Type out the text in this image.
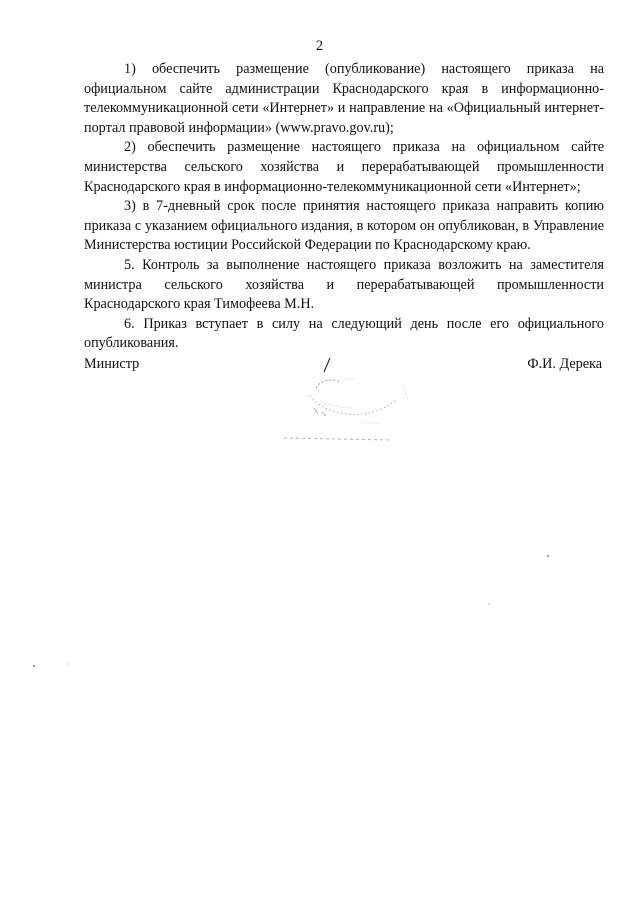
2

1) обеспечить размещение (опубликование) настоящего приказа на официальном сайте администрации Краснодарского края в информационно-телекоммуникационной сети «Интернет» и направление на «Официальный интернет-портал правовой информации» (www.pravo.gov.ru);

2) обеспечить размещение настоящего приказа на официальном сайте министерства сельского хозяйства и перерабатывающей промышленности Краснодарского края в информационно-телекоммуникационной сети «Интернет»;

3) в 7-дневный срок после принятия настоящего приказа направить копию приказа с указанием официального издания, в котором он опубликован, в Управление Министерства юстиции Российской Федерации по Краснодарскому краю.

5. Контроль за выполнение настоящего приказа возложить на заместителя министра сельского хозяйства и перерабатывающей промышленности Краснодарского края Тимофеева М.Н.

6. Приказ вступает в силу на следующий день после его официального опубликования.

Министр	Ф.И. Дерека
